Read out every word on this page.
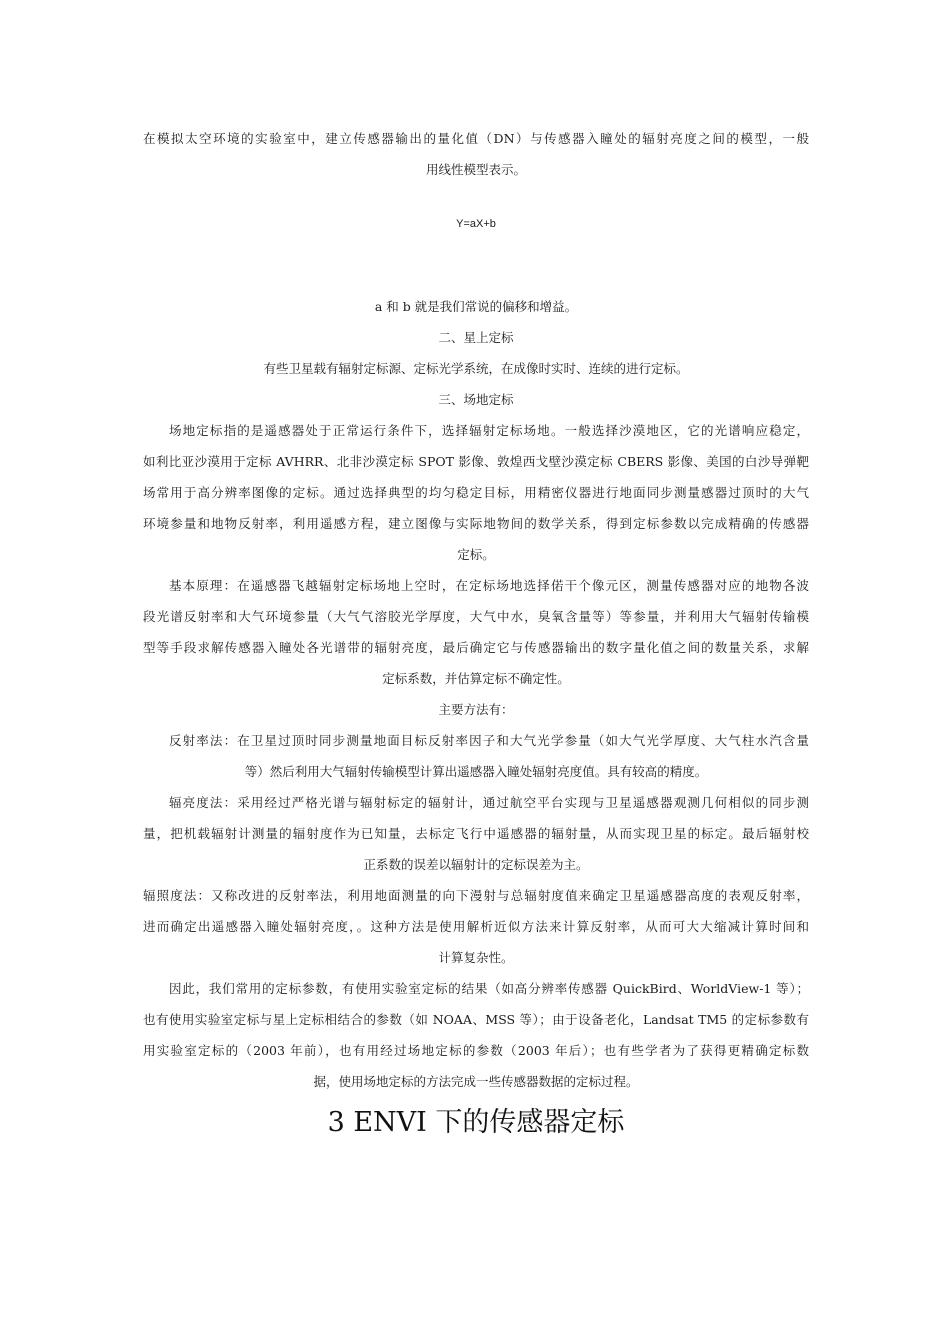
在模拟太空环境的实验室中，建立传感器输出的量化值（DN）与传感器入瞳处的辐射亮度之间的模型，一般
用线性模型表示。
Y=aX+b
a 和 b 就是我们常说的偏移和增益。
二、星上定标
有些卫星载有辐射定标源、定标光学系统，在成像时实时、连续的进行定标。
三、场地定标
场地定标指的是遥感器处于正常运行条件下，选择辐射定标场地。一般选择沙漠地区，它的光谱响应稳定，
如利比亚沙漠用于定标 AVHRR、北非沙漠定标 SPOT 影像、敦煌西戈壁沙漠定标 CBERS 影像、美国的白沙导弹靶
场常用于高分辨率图像的定标。通过选择典型的均匀稳定目标，用精密仪器进行地面同步测量感器过顶时的大气
环境参量和地物反射率，利用遥感方程，建立图像与实际地物间的数学关系，得到定标参数以完成精确的传感器
定标。
基本原理：在遥感器飞越辐射定标场地上空时，在定标场地选择偌干个像元区，测量传感器对应的地物各波
段光谱反射率和大气环境参量（大气气溶胶光学厚度，大气中水，臭氧含量等）等参量，并利用大气辐射传输模
型等手段求解传感器入瞳处各光谱带的辐射亮度，最后确定它与传感器输出的数字量化值之间的数量关系，求解
定标系数，并估算定标不确定性。
主要方法有：
反射率法：在卫星过顶时同步测量地面目标反射率因子和大气光学参量（如大气光学厚度、大气柱水汽含量
等）然后利用大气辐射传输模型计算出遥感器入瞳处辐射亮度值。具有较高的精度。
辐亮度法：采用经过严格光谱与辐射标定的辐射计，通过航空平台实现与卫星遥感器观测几何相似的同步测
量，把机载辐射计测量的辐射度作为已知量，去标定飞行中遥感器的辐射量，从而实现卫星的标定。最后辐射校
正系数的误差以辐射计的定标误差为主。
辐照度法：又称改进的反射率法，利用地面测量的向下漫射与总辐射度值来确定卫星遥感器高度的表观反射率，
进而确定出遥感器入瞳处辐射亮度，。这种方法是使用解析近似方法来计算反射率，从而可大大缩减计算时间和
计算复杂性。
因此，我们常用的定标参数，有使用实验室定标的结果（如高分辨率传感器 QuickBird、WorldView-1 等）；
也有使用实验室定标与星上定标相结合的参数（如 NOAA、MSS 等）；由于设备老化，Landsat TM5 的定标参数有
用实验室定标的（2003 年前），也有用经过场地定标的参数（2003 年后）；也有些学者为了获得更精确定标数
据，使用场地定标的方法完成一些传感器数据的定标过程。
3 ENVI 下的传感器定标
